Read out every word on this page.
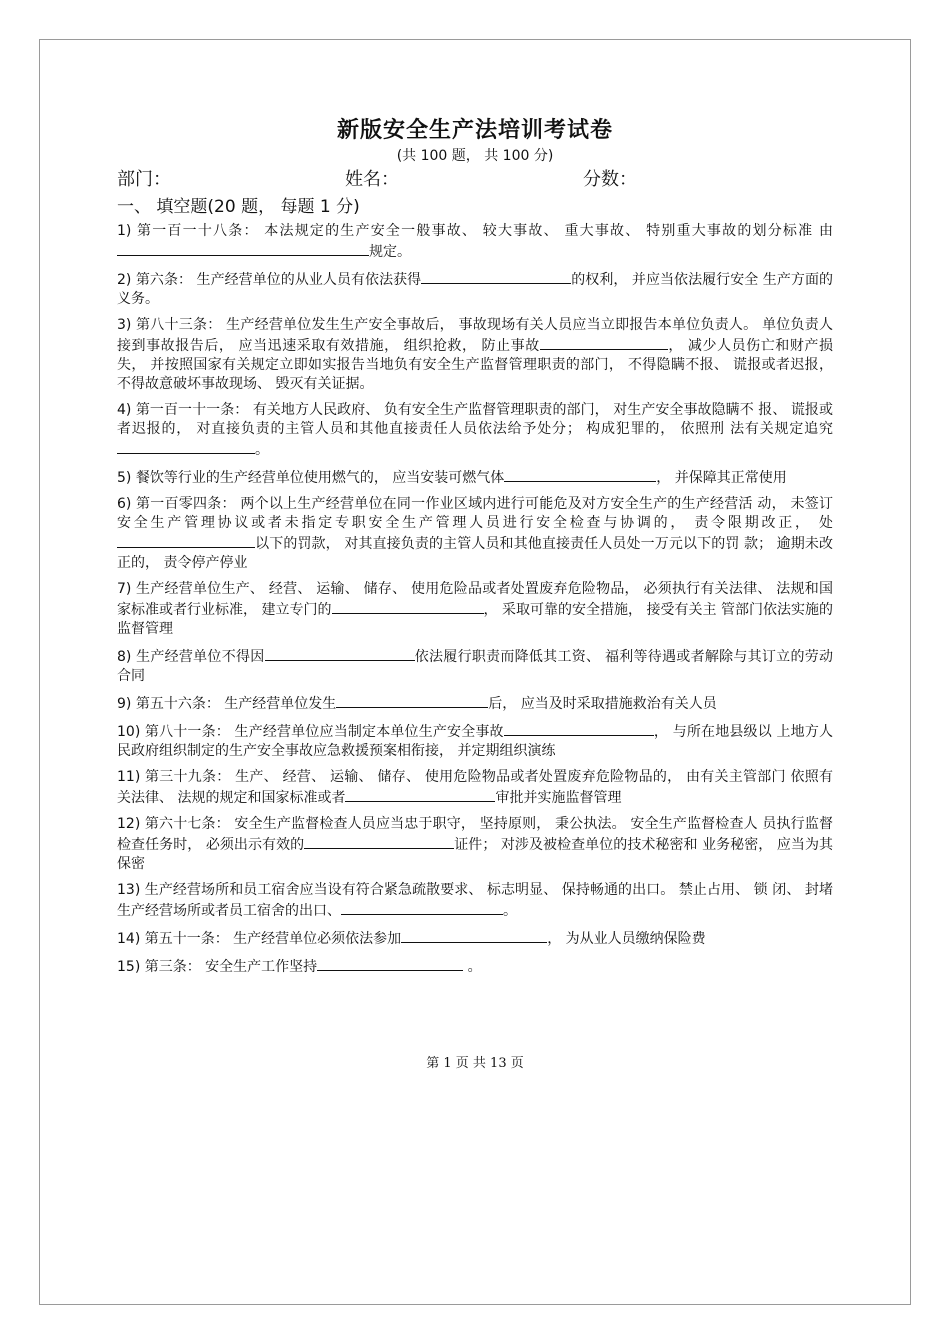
新版安全生产法培训考试卷
(共 100 题， 共 100 分)
部门：	姓名：	分数：
一、 填空题(20 题， 每题 1 分)
1) 第一百一十八条： 本法规定的生产安全一般事故、 较大事故、 重大事故、 特别重大事故的划分标准 由规定。
2) 第六条： 生产经营单位的从业人员有依法获得	的权利， 并应当依法履行安全 生产方面的义务。
3) 第八十三条： 生产经营单位发生生产安全事故后， 事故现场有关人员应当立即报告本单位负责人。 单位负责人接到事故报告后， 应当迅速采取有效措施， 组织抢救， 防止事故	， 减少人员伤亡和财产损失， 并按照国家有关规定立即如实报告当地负有安全生产监督管理职责的部门， 不得隐瞒不报、 谎报或者迟报， 不得故意破坏事故现场、 毁灭有关证据。
4) 第一百一十一条： 有关地方人民政府、 负有安全生产监督管理职责的部门， 对生产安全事故隐瞒不 报、 谎报或者迟报的， 对直接负责的主管人员和其他直接责任人员依法给予处分； 构成犯罪的， 依照刑 法有关规定追究。
5) 餐饮等行业的生产经营单位使用燃气的， 应当安装可燃气体	， 并保障其正常使用
6) 第一百零四条： 两个以上生产经营单位在同一作业区域内进行可能危及对方安全生产的生产经营活 动， 未签订安全生产管理协议或者未指定专职安全生产管理人员进行安全检查与协调的， 责令限期改正， 处以下的罚款， 对其直接负责的主管人员和其他直接责任人员处一万元以下的罚 款； 逾期未改正的， 责令停产停业
7) 生产经营单位生产、 经营、 运输、 储存、 使用危险品或者处置废弃危险物品， 必须执行有关法律、 法规和国家标准或者行业标准， 建立专门的	， 采取可靠的安全措施， 接受有关主 管部门依法实施的监督管理
8) 生产经营单位不得因	依法履行职责而降低其工资、 福利等待遇或者解除与其订立的劳动合同
9) 第五十六条： 生产经营单位发生	后， 应当及时采取措施救治有关人员
10) 第八十一条： 生产经营单位应当制定本单位生产安全事故	， 与所在地县级以 上地方人民政府组织制定的生产安全事故应急救援预案相衔接， 并定期组织演练
11) 第三十九条： 生产、 经营、 运输、 储存、 使用危险物品或者处置废弃危险物品的， 由有关主管部门 依照有关法律、 法规的规定和国家标准或者	审批并实施监督管理
12) 第六十七条： 安全生产监督检查人员应当忠于职守， 坚持原则， 秉公执法。 安全生产监督检查人 员执行监督检查任务时， 必须出示有效的	证件； 对涉及被检查单位的技术秘密和 业务秘密， 应当为其保密
13) 生产经营场所和员工宿舍应当设有符合紧急疏散要求、 标志明显、 保持畅通的出口。 禁止占用、 锁 闭、 封堵生产经营场所或者员工宿舍的出口、	。
14) 第五十一条： 生产经营单位必须依法参加	， 为从业人员缴纳保险费
15) 第三条： 安全生产工作坚持	。
第 1 页 共 13 页
